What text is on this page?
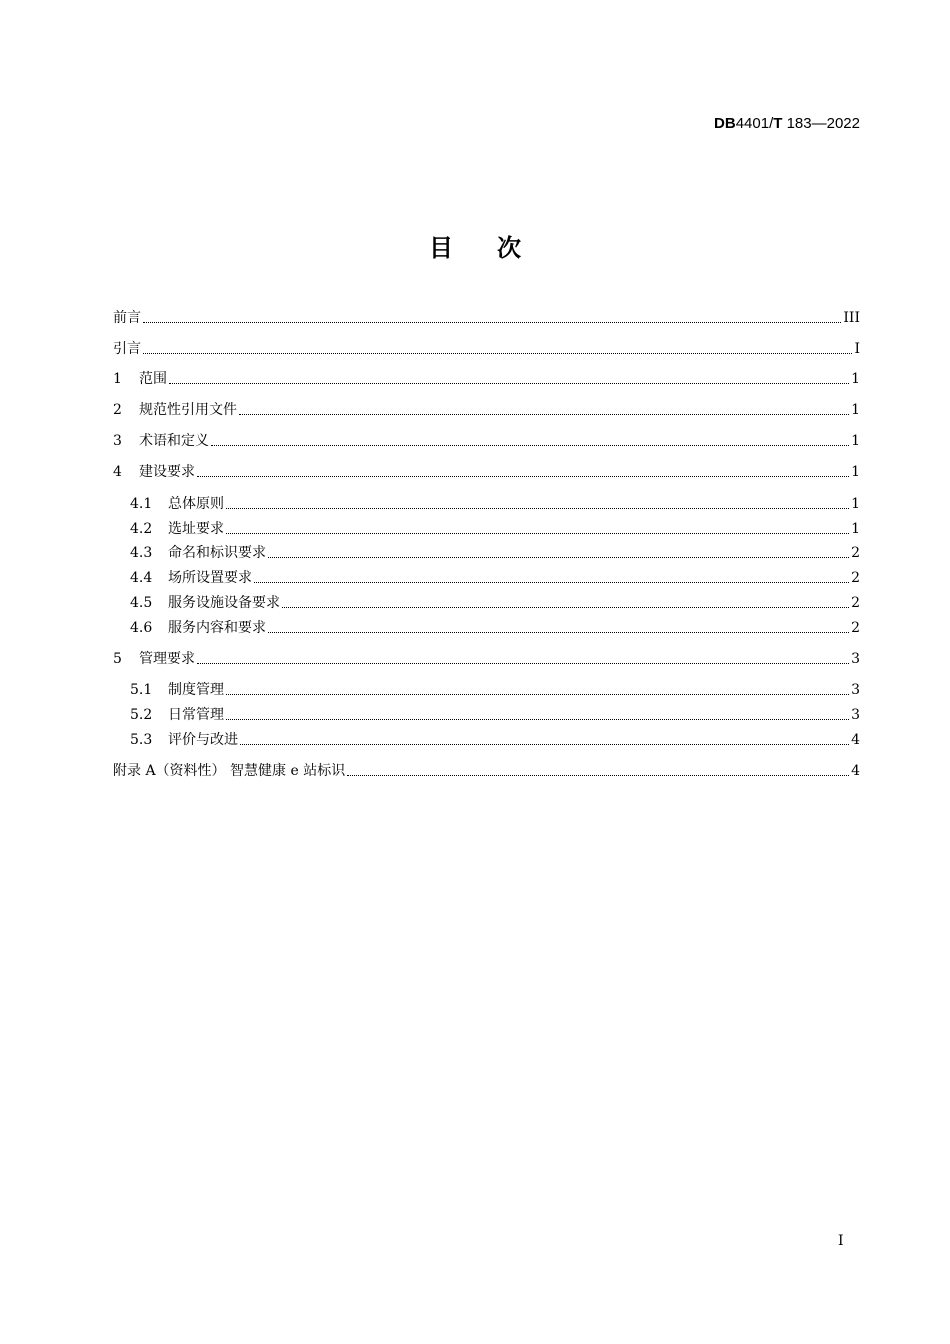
DB4401/T 183—2022
目次
前言	III
引言	I
1	范围	1
2	规范性引用文件	1
3	术语和定义	1
4	建设要求	1
4.1	总体原则	1
4.2	选址要求	1
4.3	命名和标识要求	2
4.4	场所设置要求	2
4.5	服务设施设备要求	2
4.6	服务内容和要求	2
5	管理要求	3
5.1	制度管理	3
5.2	日常管理	3
5.3	评价与改进	4
附录 A（资料性） 智慧健康 e 站标识	4
I
